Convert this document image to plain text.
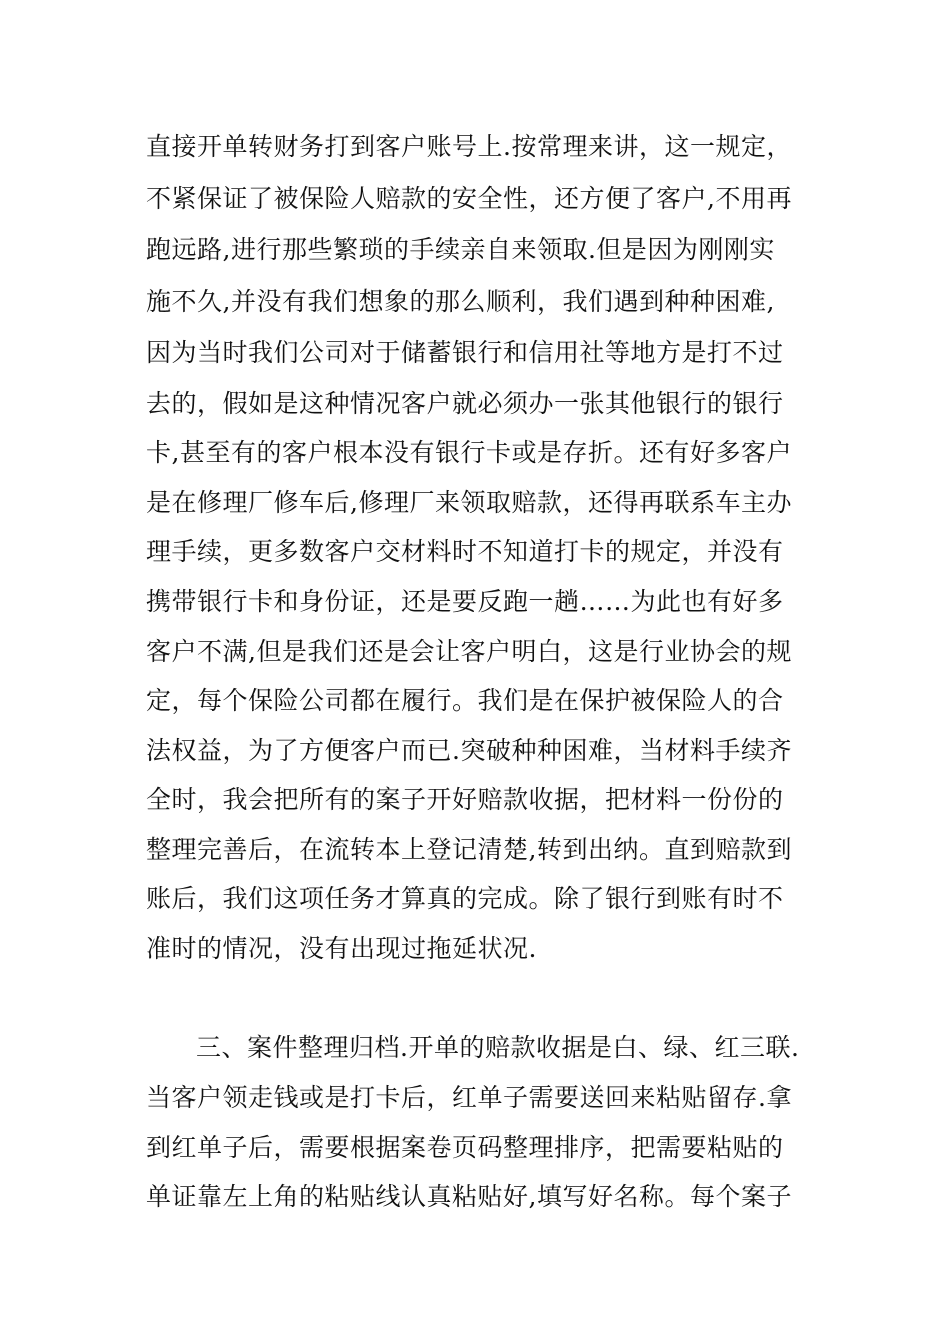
直接开单转财务打到客户账号上.按常理来讲，这一规定，
不紧保证了被保险人赔款的安全性，还方便了客户,不用再
跑远路,进行那些繁琐的手续亲自来领取.但是因为刚刚实
施不久,并没有我们想象的那么顺利，我们遇到种种困难,
因为当时我们公司对于储蓄银行和信用社等地方是打不过
去的，假如是这种情况客户就必须办一张其他银行的银行
卡,甚至有的客户根本没有银行卡或是存折。还有好多客户
是在修理厂修车后,修理厂来领取赔款，还得再联系车主办
理手续，更多数客户交材料时不知道打卡的规定，并没有
携带银行卡和身份证，还是要反跑一趟……为此也有好多
客户不满,但是我们还是会让客户明白，这是行业协会的规
定，每个保险公司都在履行。我们是在保护被保险人的合
法权益，为了方便客户而已.突破种种困难，当材料手续齐
全时，我会把所有的案子开好赔款收据，把材料一份份的
整理完善后，在流转本上登记清楚,转到出纳。直到赔款到
账后，我们这项任务才算真的完成。除了银行到账有时不
准时的情况，没有出现过拖延状况.
三、案件整理归档.开单的赔款收据是白、绿、红三联.
当客户领走钱或是打卡后，红单子需要送回来粘贴留存.拿
到红单子后，需要根据案卷页码整理排序，把需要粘贴的
单证靠左上角的粘贴线认真粘贴好,填写好名称。每个案子
